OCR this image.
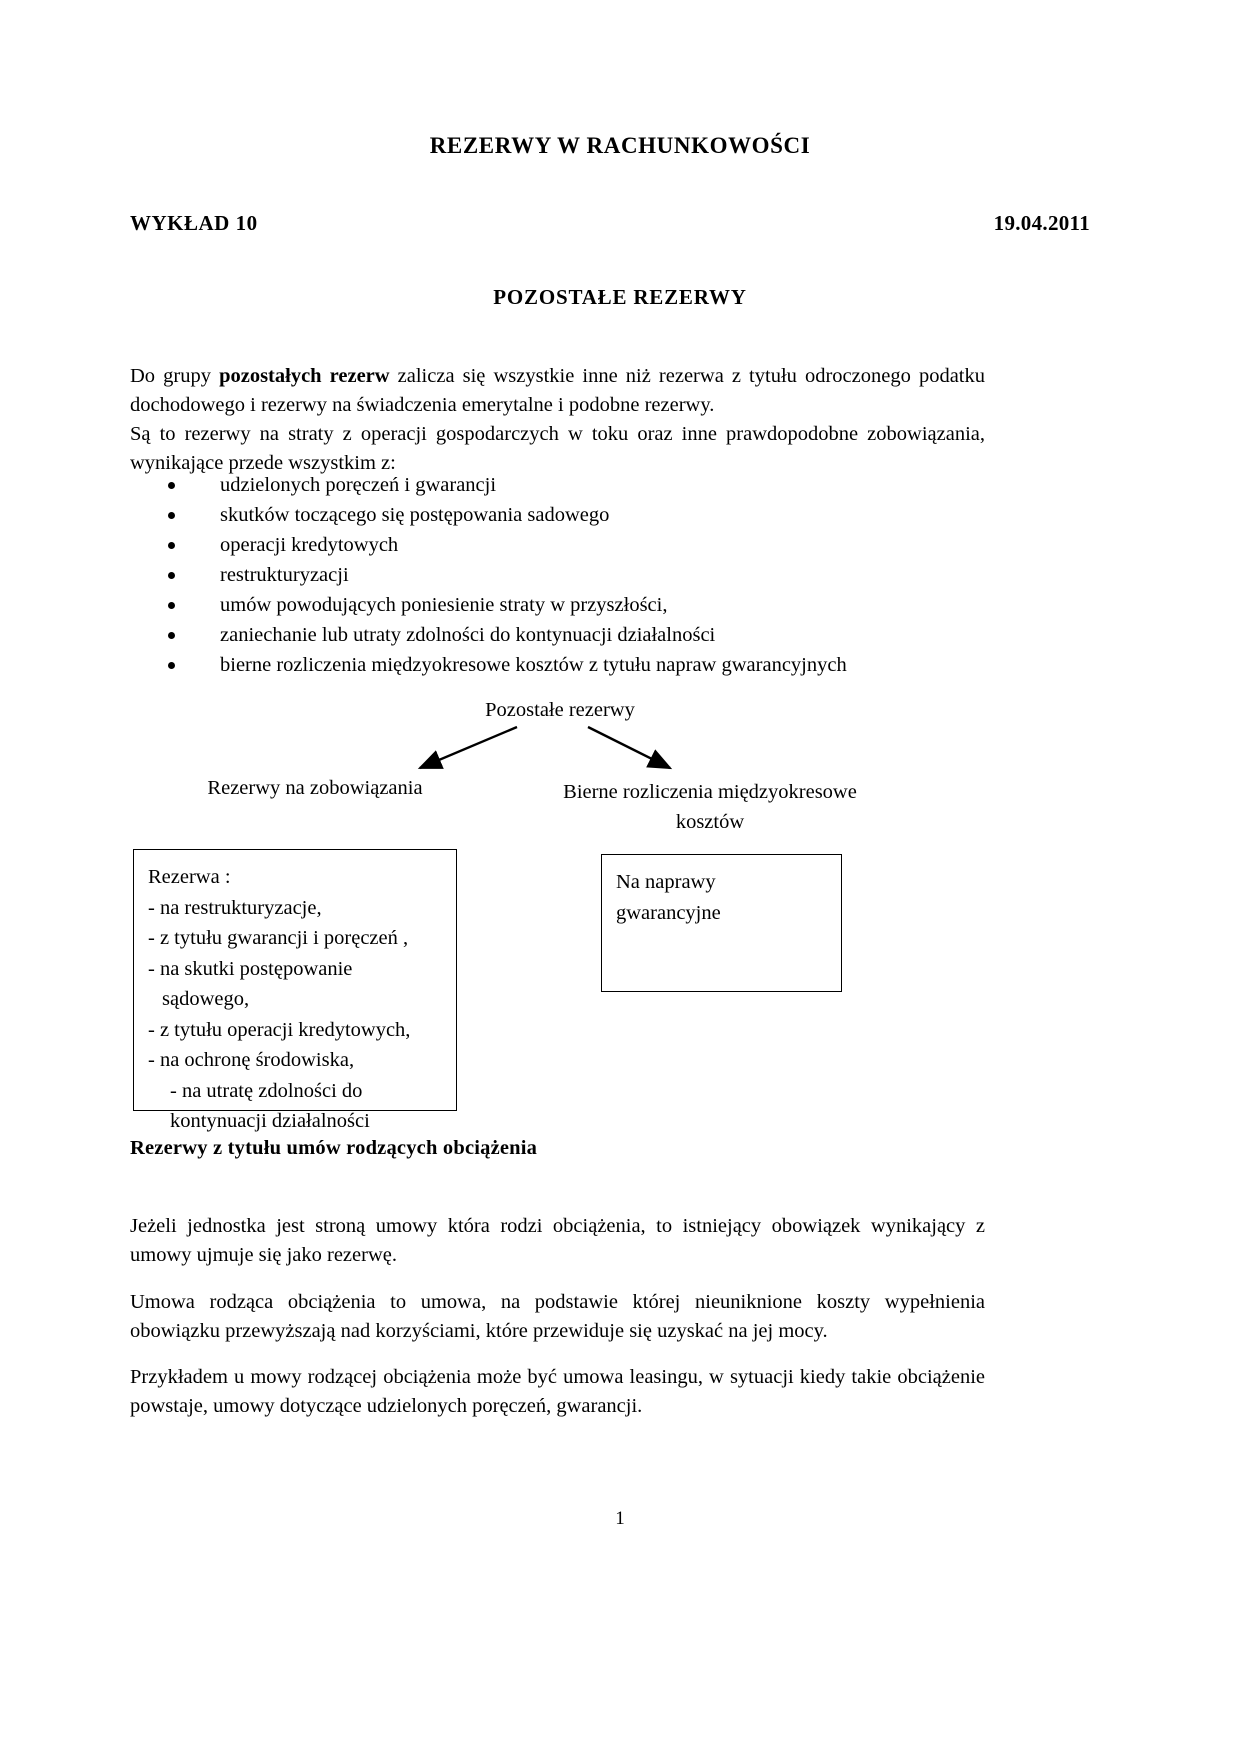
REZERWY W RACHUNKOWOŚCI
WYKŁAD 10	19.04.2011
POZOSTAŁE REZERWY
Do grupy pozostałych rezerw zalicza się wszystkie inne niż rezerwa z tytułu odroczonego podatku dochodowego i rezerwy na świadczenia emerytalne i podobne rezerwy.
Są to rezerwy na straty z operacji gospodarczych w toku oraz inne prawdopodobne zobowiązania, wynikające przede wszystkim z:
udzielonych poręczeń i gwarancji
skutków toczącego się postępowania sadowego
operacji kredytowych
restrukturyzacji
umów powodujących poniesienie straty w przyszłości,
zaniechanie lub utraty zdolności do kontynuacji działalności
bierne rozliczenia międzyokresowe kosztów z tytułu napraw gwarancyjnych
Pozostałe rezerwy
Rezerwy na zobowiązania	Bierne rozliczenia międzyokresowe
kosztów
Rezerwa :
- na restrukturyzacje,
- z tytułu gwarancji i poręczeń ,
- na skutki postępowanie
sądowego,
- z tytułu operacji kredytowych,
- na ochronę środowiska,
- na utratę zdolności do
kontynuacji działalności
Na naprawy
gwarancyjne
Rezerwy z tytułu umów rodzących obciążenia
Jeżeli jednostka jest stroną umowy która rodzi obciążenia, to istniejący obowiązek wynikający z umowy ujmuje się jako rezerwę.
Umowa rodząca obciążenia to umowa, na podstawie której nieuniknione koszty wypełnienia obowiązku przewyższają nad korzyściami, które przewiduje się uzyskać na jej mocy.
Przykładem u mowy rodzącej obciążenia może być umowa leasingu, w sytuacji kiedy takie obciążenie powstaje, umowy dotyczące udzielonych poręczeń, gwarancji.
1
